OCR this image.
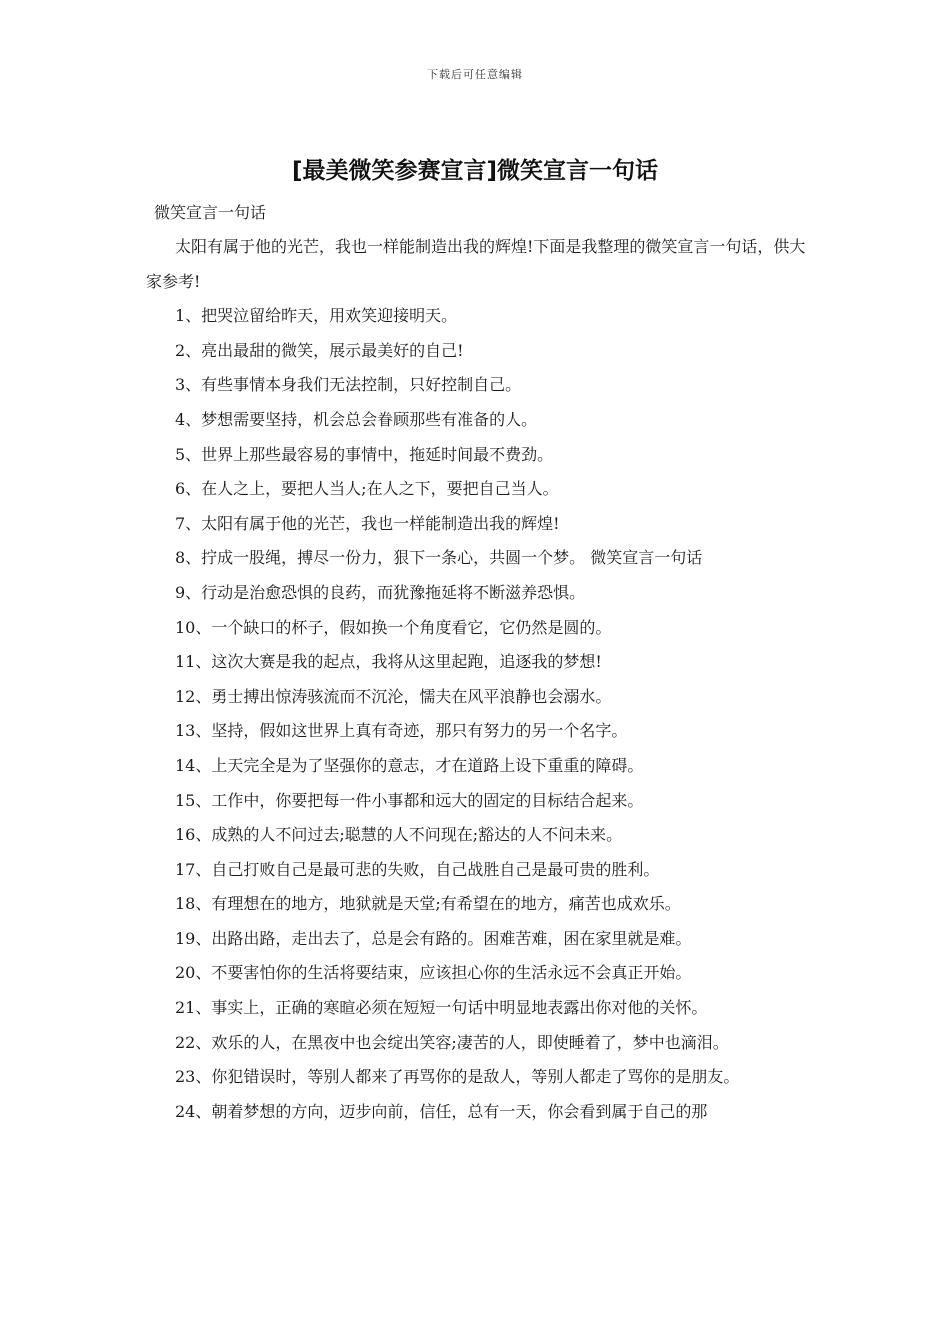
下载后可任意编辑
[最美微笑参赛宣言]微笑宣言一句话
微笑宣言一句话

太阳有属于他的光芒，我也一样能制造出我的辉煌!下面是我整理的微笑宣言一句话，供大家参考!

1、把哭泣留给昨天，用欢笑迎接明天。

2、亮出最甜的微笑，展示最美好的自己!

3、有些事情本身我们无法控制，只好控制自己。

4、梦想需要坚持，机会总会眷顾那些有准备的人。

5、世界上那些最容易的事情中，拖延时间最不费劲。

6、在人之上，要把人当人;在人之下，要把自己当人。

7、太阳有属于他的光芒，我也一样能制造出我的辉煌!

8、拧成一股绳，搏尽一份力，狠下一条心，共圆一个梦。 微笑宣言一句话

9、行动是治愈恐惧的良药，而犹豫拖延将不断滋养恐惧。

10、一个缺口的杯子，假如换一个角度看它，它仍然是圆的。

11、这次大赛是我的起点，我将从这里起跑，追逐我的梦想!

12、勇士搏出惊涛骇流而不沉沦，懦夫在风平浪静也会溺水。

13、坚持，假如这世界上真有奇迹，那只有努力的另一个名字。

14、上天完全是为了坚强你的意志，才在道路上设下重重的障碍。

15、工作中，你要把每一件小事都和远大的固定的目标结合起来。

16、成熟的人不问过去;聪慧的人不问现在;豁达的人不问未来。

17、自己打败自己是最可悲的失败，自己战胜自己是最可贵的胜利。

18、有理想在的地方，地狱就是天堂;有希望在的地方，痛苦也成欢乐。

19、出路出路，走出去了，总是会有路的。困难苦难，困在家里就是难。

20、不要害怕你的生活将要结束，应该担心你的生活永远不会真正开始。

21、事实上，正确的寒暄必须在短短一句话中明显地表露出你对他的关怀。

22、欢乐的人，在黑夜中也会绽出笑容;凄苦的人，即使睡着了，梦中也滴泪。

23、你犯错误时，等别人都来了再骂你的是敌人，等别人都走了骂你的是朋友。

24、朝着梦想的方向，迈步向前，信任，总有一天，你会看到属于自己的那
